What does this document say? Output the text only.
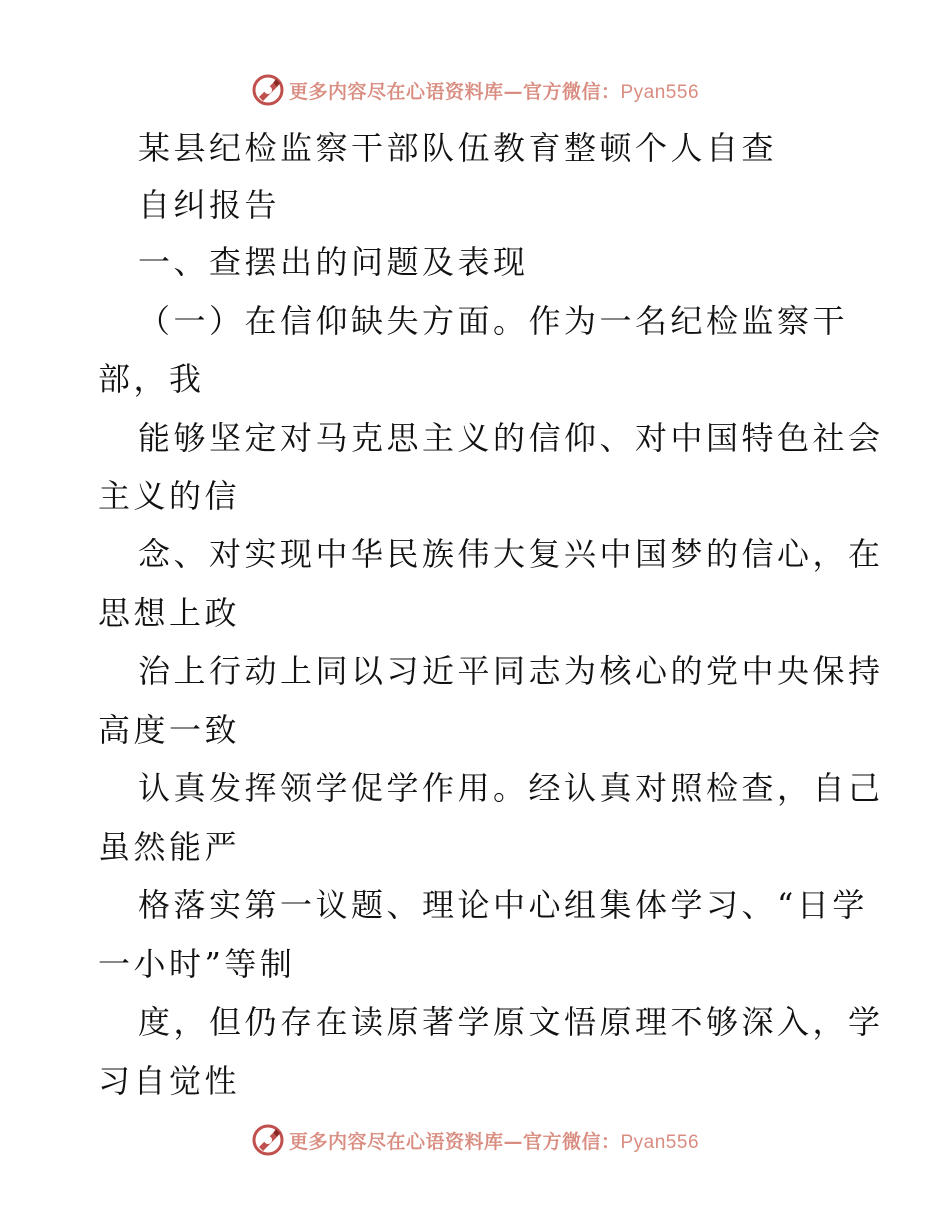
更多内容尽在心语资料库—官方微信：Pyan556
某县纪检监察干部队伍教育整顿个人自查
自纠报告
一、查摆出的问题及表现
（一）在信仰缺失方面。作为一名纪检监察干
部，我
能够坚定对马克思主义的信仰、对中国特色社会
主义的信
念、对实现中华民族伟大复兴中国梦的信心，在
思想上政
治上行动上同以习近平同志为核心的党中央保持
高度一致
认真发挥领学促学作用。经认真对照检查，自己
虽然能严
格落实第一议题、理论中心组集体学习、“日学
一小时”等制
度，但仍存在读原著学原文悟原理不够深入，学
习自觉性
更多内容尽在心语资料库—官方微信：Pyan556
